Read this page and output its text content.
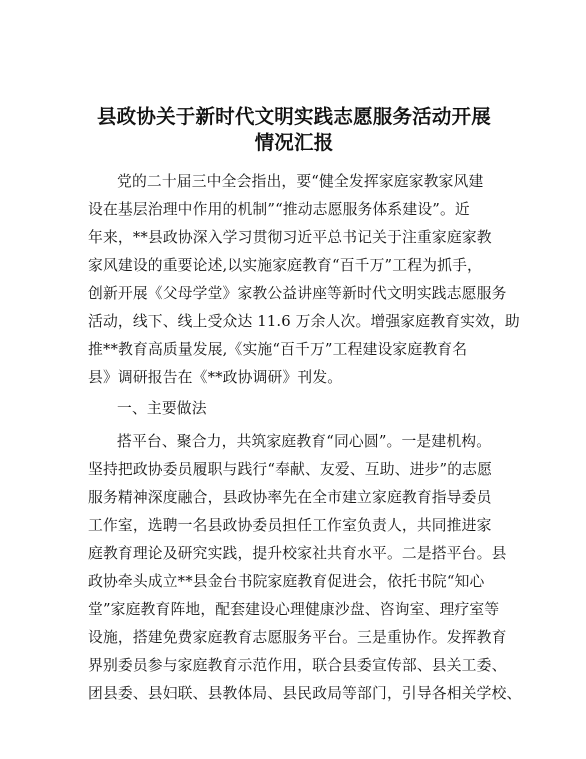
县政协关于新时代文明实践志愿服务活动开展
情况汇报
党的二十届三中全会指出，要“健全发挥家庭家教家风建
设在基层治理中作用的机制”“推动志愿服务体系建设”。近
年来，**县政协深入学习贯彻习近平总书记关于注重家庭家教
家风建设的重要论述,以实施家庭教育“百千万”工程为抓手，
创新开展《父母学堂》家教公益讲座等新时代文明实践志愿服务
活动，线下、线上受众达 11.6 万余人次。增强家庭教育实效，助
推**教育高质量发展,《实施“百千万”工程建设家庭教育名
县》调研报告在《**政协调研》刊发。
一、主要做法
搭平台、聚合力，共筑家庭教育“同心圆”。一是建机构。
坚持把政协委员履职与践行“奉献、友爱、互助、进步”的志愿
服务精神深度融合，县政协率先在全市建立家庭教育指导委员
工作室，选聘一名县政协委员担任工作室负责人，共同推进家
庭教育理论及研究实践，提升校家社共育水平。二是搭平台。县
政协牵头成立**县金台书院家庭教育促进会，依托书院“知心
堂”家庭教育阵地，配套建设心理健康沙盘、咨询室、理疗室等
设施，搭建免费家庭教育志愿服务平台。三是重协作。发挥教育
界别委员参与家庭教育示范作用，联合县委宣传部、县关工委、
团县委、县妇联、县教体局、县民政局等部门，引导各相关学校、
